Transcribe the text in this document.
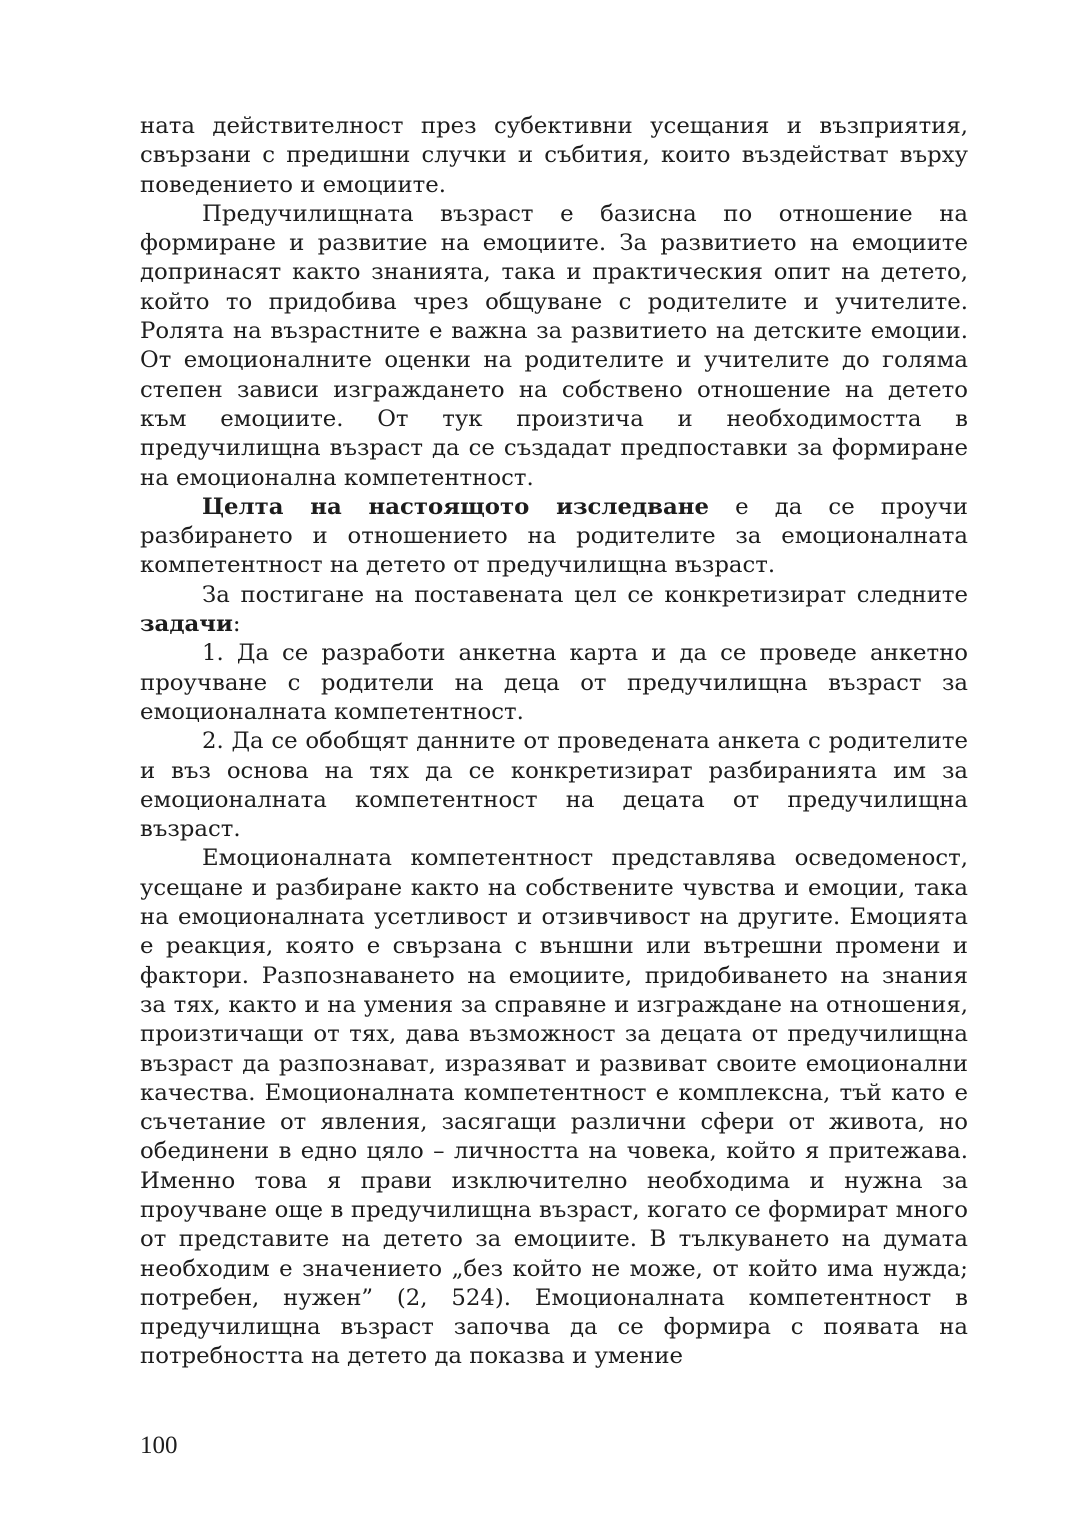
ната действителност през субективни усещания и възприятия, свързани с предишни случки и събития, които въздействат върху поведението и емоциите.

Предучилищната възраст е базисна по отношение на формиране и развитие на емоциите. За развитието на емоциите допринасят както знанията, така и практическия опит на детето, който то придобива чрез общуване с родителите и учителите. Ролята на възрастните е важна за развитието на детските емоции. От емоционалните оценки на родителите и учителите до голяма степен зависи изграждането на собствено отношение на детето към емоциите. От тук произтича и необходимостта в предучилищна възраст да се създадат предпоставки за формиране на емоционална компетентност.

Целта на настоящото изследване е да се проучи разбирането и отношението на родителите за емоционалната компетентност на детето от предучилищна възраст.

За постигане на поставената цел се конкретизират следните задачи:

1. Да се разработи анкетна карта и да се проведе анкетно проучване с родители на деца от предучилищна възраст за емоционалната компетентност.

2. Да се обобщят данните от проведената анкета с родителите и въз основа на тях да се конкретизират разбиранията им за емоционалната компетентност на децата от предучилищна възраст.

Емоционалната компетентност представлява осведоменост, усещане и разбиране както на собствените чувства и емоции, така на емоционалната усетливост и отзивчивост на другите. Емоцията е реакция, която е свързана с външни или вътрешни промени и фактори. Разпознаването на емоциите, придобиването на знания за тях, както и на умения за справяне и изграждане на отношения, произтичащи от тях, дава възможност за децата от предучилищна възраст да разпознават, изразяват и развиват своите емоционални качества. Емоционалната компетентност е комплексна, тъй като е съчетание от явления, засягащи различни сфери от живота, но обединени в едно цяло – личността на човека, който я притежава. Именно това я прави изключително необходима и нужна за проучване още в предучилищна възраст, когато се формират много от представите на детето за емоциите. В тълкуването на думата необходим е значението „без който не може, от който има нужда; потребен, нужен” (2, 524). Емоционалната компетентност в предучилищна възраст започва да се формира с появата на потребността на детето да показва и умение

100
